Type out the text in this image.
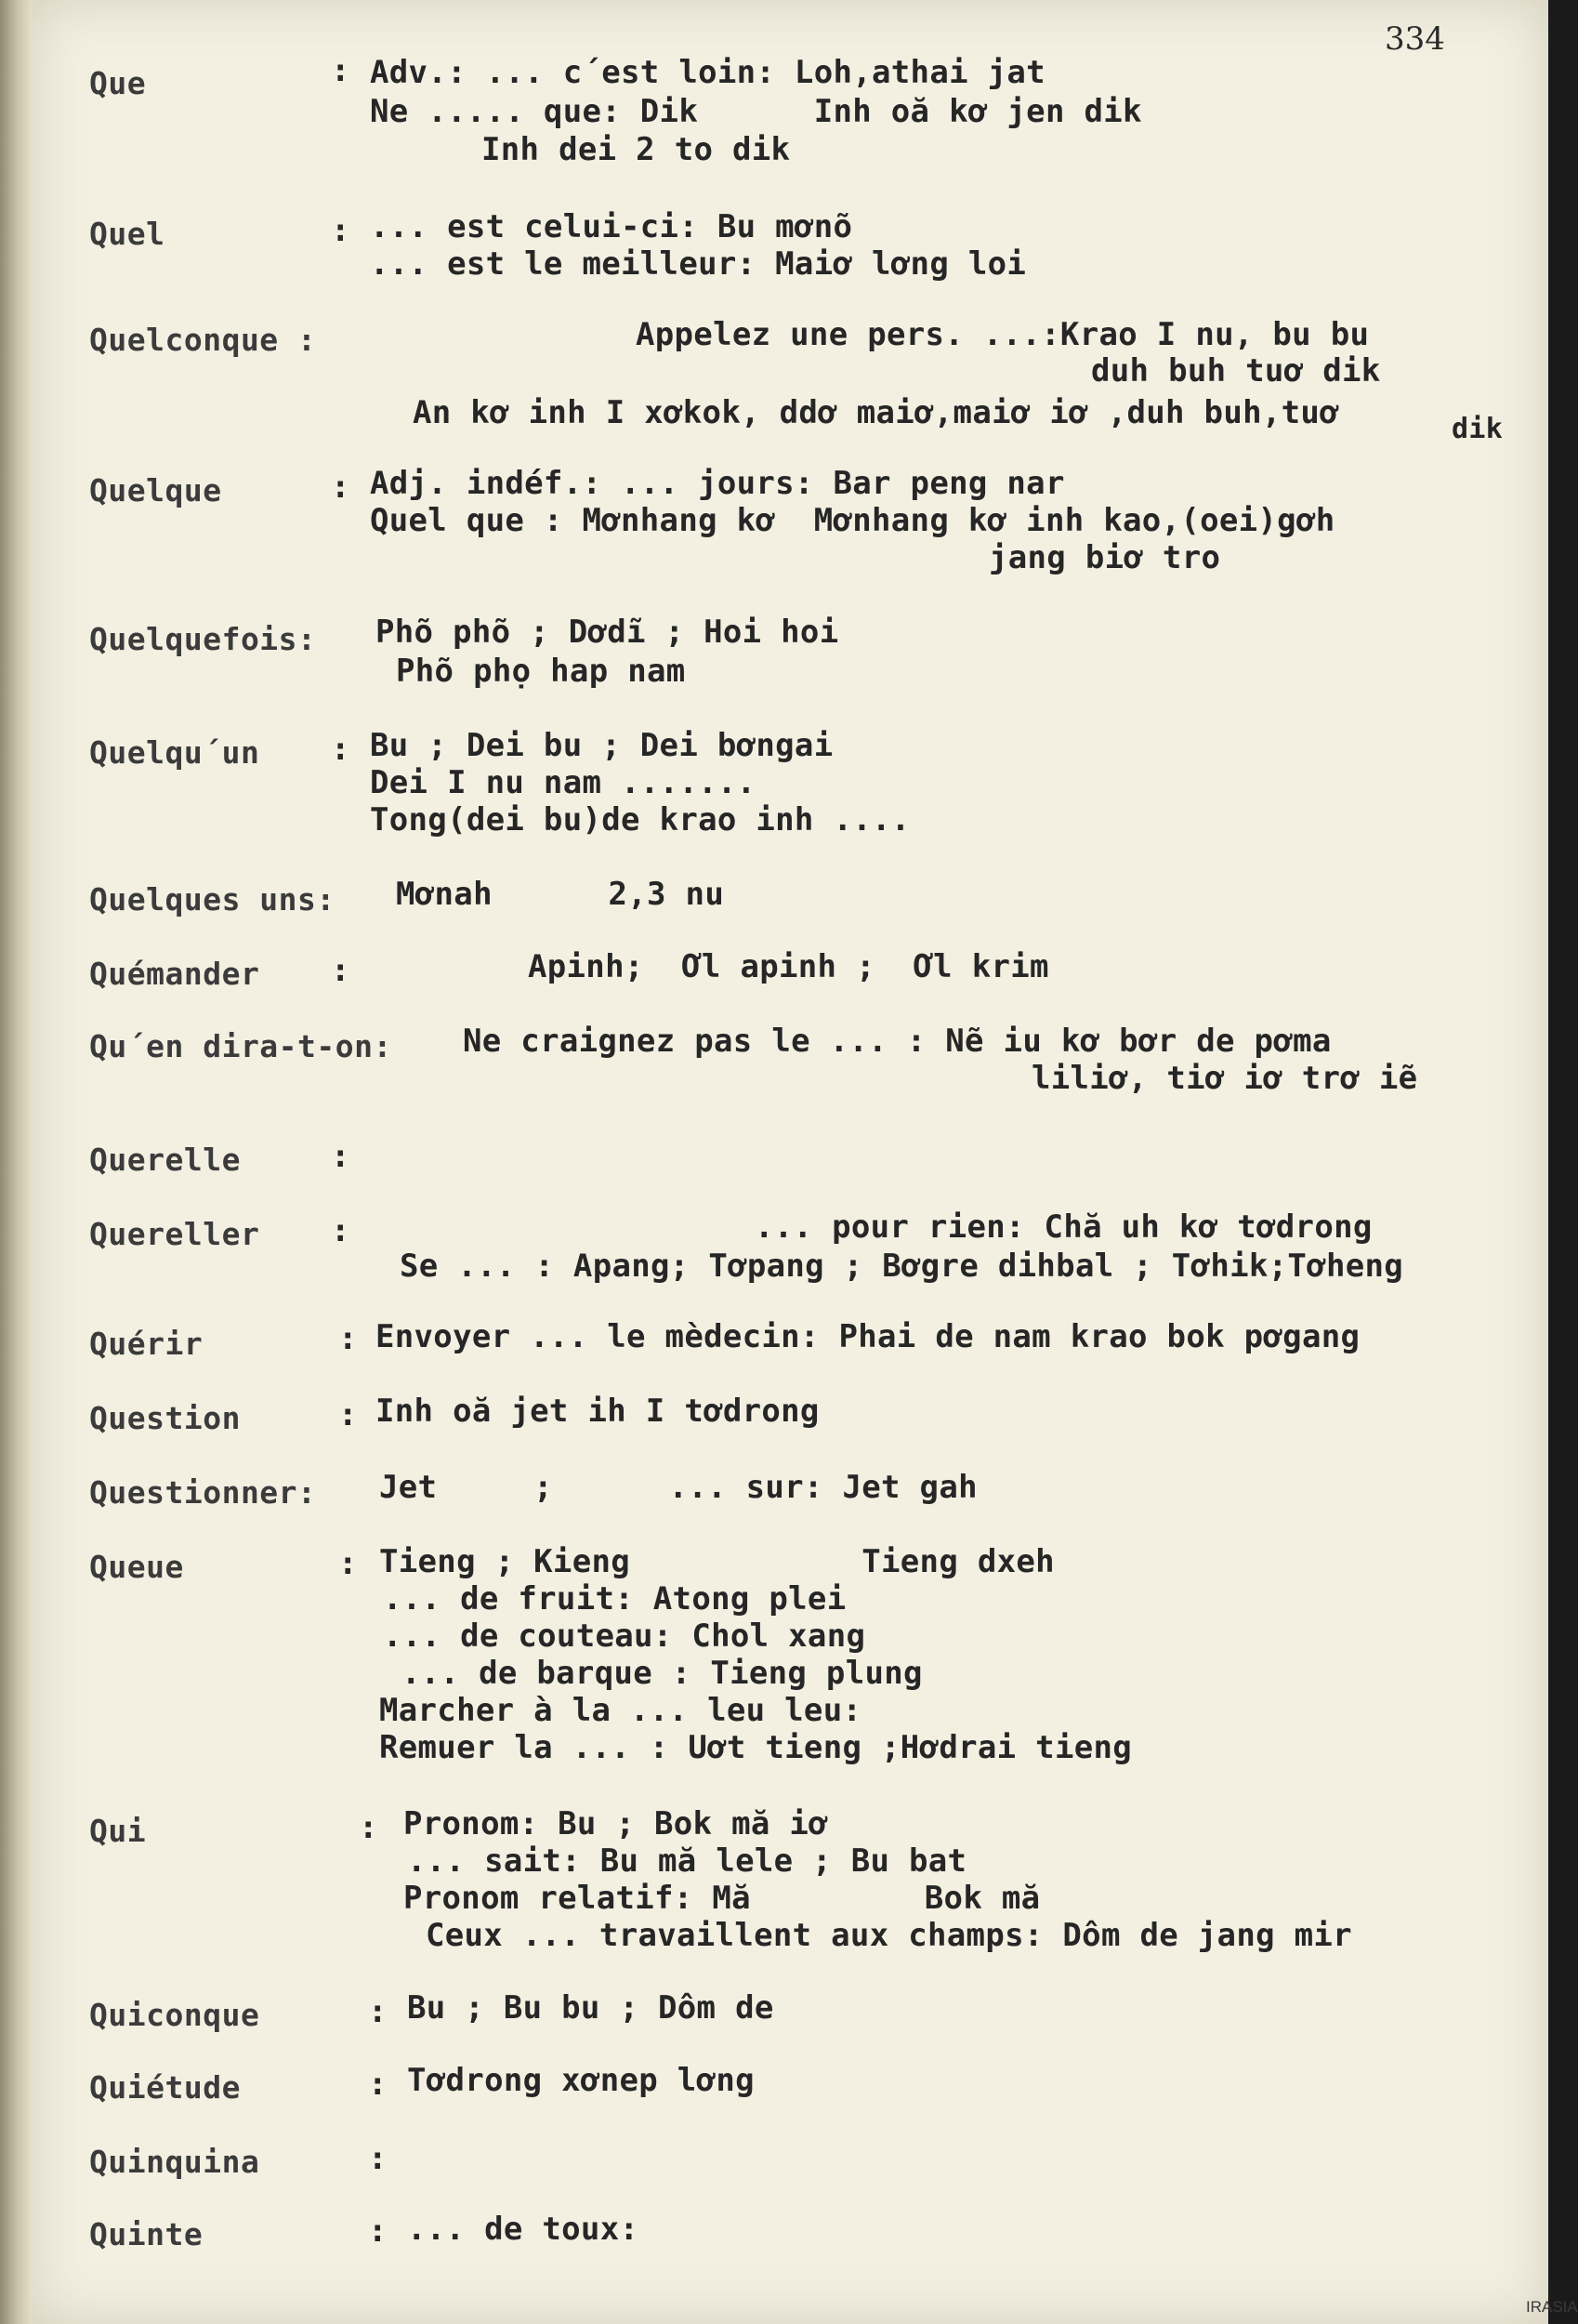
334
Que	: Adv.: ... c´est loin: Loh,athai jat
Ne ..... que: Dik      Inh oă kơ jen dik
Inh dei 2 to dik
Quel	: ... est celui-ci: Bu mơnõ
... est le meilleur: Maiơ lơng loi
Quelconque :	Appelez une pers. ...:Krao I nu, bu bu
duh buh tuơ dik
An kơ inh I xơkok, ddơ maiơ,maiơ iơ ,duh buh,tuơ	dik
Quelque	: Adj. indéf.: ... jours: Bar peng nar
Quel que : Mơnhang kơ  Mơnhang kơ inh kao,(oei)gơh
jang biơ tro
Quelquefois: Phõ phõ ; Dơdĩ ; Hoi hoi
Phõ phọ hap nam
Quelqu´un : Bu ; Dei bu ; Dei bơngai
Dei I nu nam .......
Tong(dei bu)de krao inh ....
Quelques uns: Mơnah      2,3 nu
Quémander :	Apinh;  Ơl apinh ;  Ơl krim
Qu´en dira-t-on: Ne craignez pas le ... : Nẽ iu kơ bơr de pơma
liliơ, tiơ iơ trơ iẽ
Querelle	:
Quereller :	... pour rien: Chă uh kơ tơdrong
Se ... : Apang; Tơpang ; Bơgre dihbal ; Tơhik;Tơheng
Quérir	: Envoyer ... le mèdecin: Phai de nam krao bok pơgang
Question	: Inh oă jet ih I tơdrong
Questionner: Jet     ;      ... sur: Jet gah
Queue	: Tieng ; Kieng            Tieng dxeh
... de fruit: Atong plei
... de couteau: Chol xang
... de barque : Tieng plung
Marcher à la ... leu leu:
Remuer la ... : Uơt tieng ;Hơdrai tieng
Qui	: Pronom: Bu ; Bok mă iơ
... sait: Bu mă lele ; Bu bat
Pronom relatif: Mă         Bok mă
Ceux ... travaillent aux champs: Dôm de jang mir
Quiconque	: Bu ; Bu bu ; Dôm de
Quiétude	: Tơdrong xơnep lơng
Quinquina	:
Quinte	: ... de toux:
IRASIA
